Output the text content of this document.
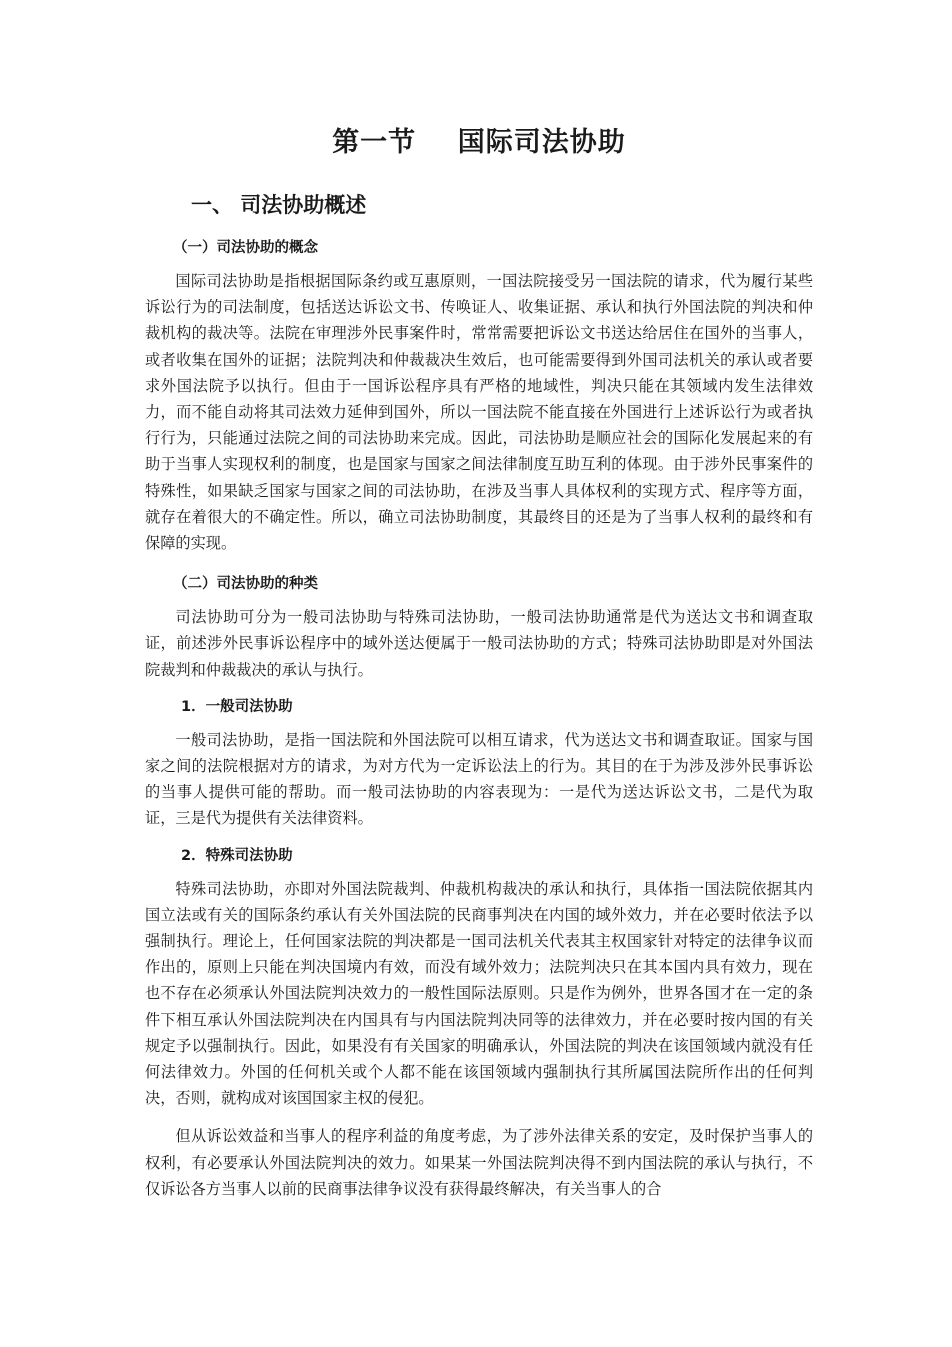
第一节    国际司法协助
一、 司法协助概述
（一）司法协助的概念

国际司法协助是指根据国际条约或互惠原则，一国法院接受另一国法院的请求，代为履行某些诉讼行为的司法制度，包括送达诉讼文书、传唤证人、收集证据、承认和执行外国法院的判决和仲裁机构的裁决等。法院在审理涉外民事案件时，常常需要把诉讼文书送达给居住在国外的当事人，或者收集在国外的证据；法院判决和仲裁裁决生效后，也可能需要得到外国司法机关的承认或者要求外国法院予以执行。但由于一国诉讼程序具有严格的地域性，判决只能在其领域内发生法律效力，而不能自动将其司法效力延伸到国外，所以一国法院不能直接在外国进行上述诉讼行为或者执行行为，只能通过法院之间的司法协助来完成。因此，司法协助是顺应社会的国际化发展起来的有助于当事人实现权利的制度，也是国家与国家之间法律制度互助互利的体现。由于涉外民事案件的特殊性，如果缺乏国家与国家之间的司法协助，在涉及当事人具体权利的实现方式、程序等方面，就存在着很大的不确定性。所以，确立司法协助制度，其最终目的还是为了当事人权利的最终和有保障的实现。

（二）司法协助的种类

司法协助可分为一般司法协助与特殊司法协助，一般司法协助通常是代为送达文书和调查取证，前述涉外民事诉讼程序中的域外送达便属于一般司法协助的方式；特殊司法协助即是对外国法院裁判和仲裁裁决的承认与执行。

1．一般司法协助

一般司法协助，是指一国法院和外国法院可以相互请求，代为送达文书和调查取证。国家与国家之间的法院根据对方的请求，为对方代为一定诉讼法上的行为。其目的在于为涉及涉外民事诉讼的当事人提供可能的帮助。而一般司法协助的内容表现为：一是代为送达诉讼文书，二是代为取证，三是代为提供有关法律资料。

2．特殊司法协助

特殊司法协助，亦即对外国法院裁判、仲裁机构裁决的承认和执行，具体指一国法院依据其内国立法或有关的国际条约承认有关外国法院的民商事判决在内国的域外效力，并在必要时依法予以强制执行。理论上，任何国家法院的判决都是一国司法机关代表其主权国家针对特定的法律争议而作出的，原则上只能在判决国境内有效，而没有域外效力；法院判决只在其本国内具有效力，现在也不存在必须承认外国法院判决效力的一般性国际法原则。只是作为例外，世界各国才在一定的条件下相互承认外国法院判决在内国具有与内国法院判决同等的法律效力，并在必要时按内国的有关规定予以强制执行。因此，如果没有有关国家的明确承认，外国法院的判决在该国领域内就没有任何法律效力。外国的任何机关或个人都不能在该国领域内强制执行其所属国法院所作出的任何判决，否则，就构成对该国国家主权的侵犯。

但从诉讼效益和当事人的程序利益的角度考虑，为了涉外法律关系的安定，及时保护当事人的权利，有必要承认外国法院判决的效力。如果某一外国法院判决得不到内国法院的承认与执行，不仅诉讼各方当事人以前的民商事法律争议没有获得最终解决，有关当事人的合
